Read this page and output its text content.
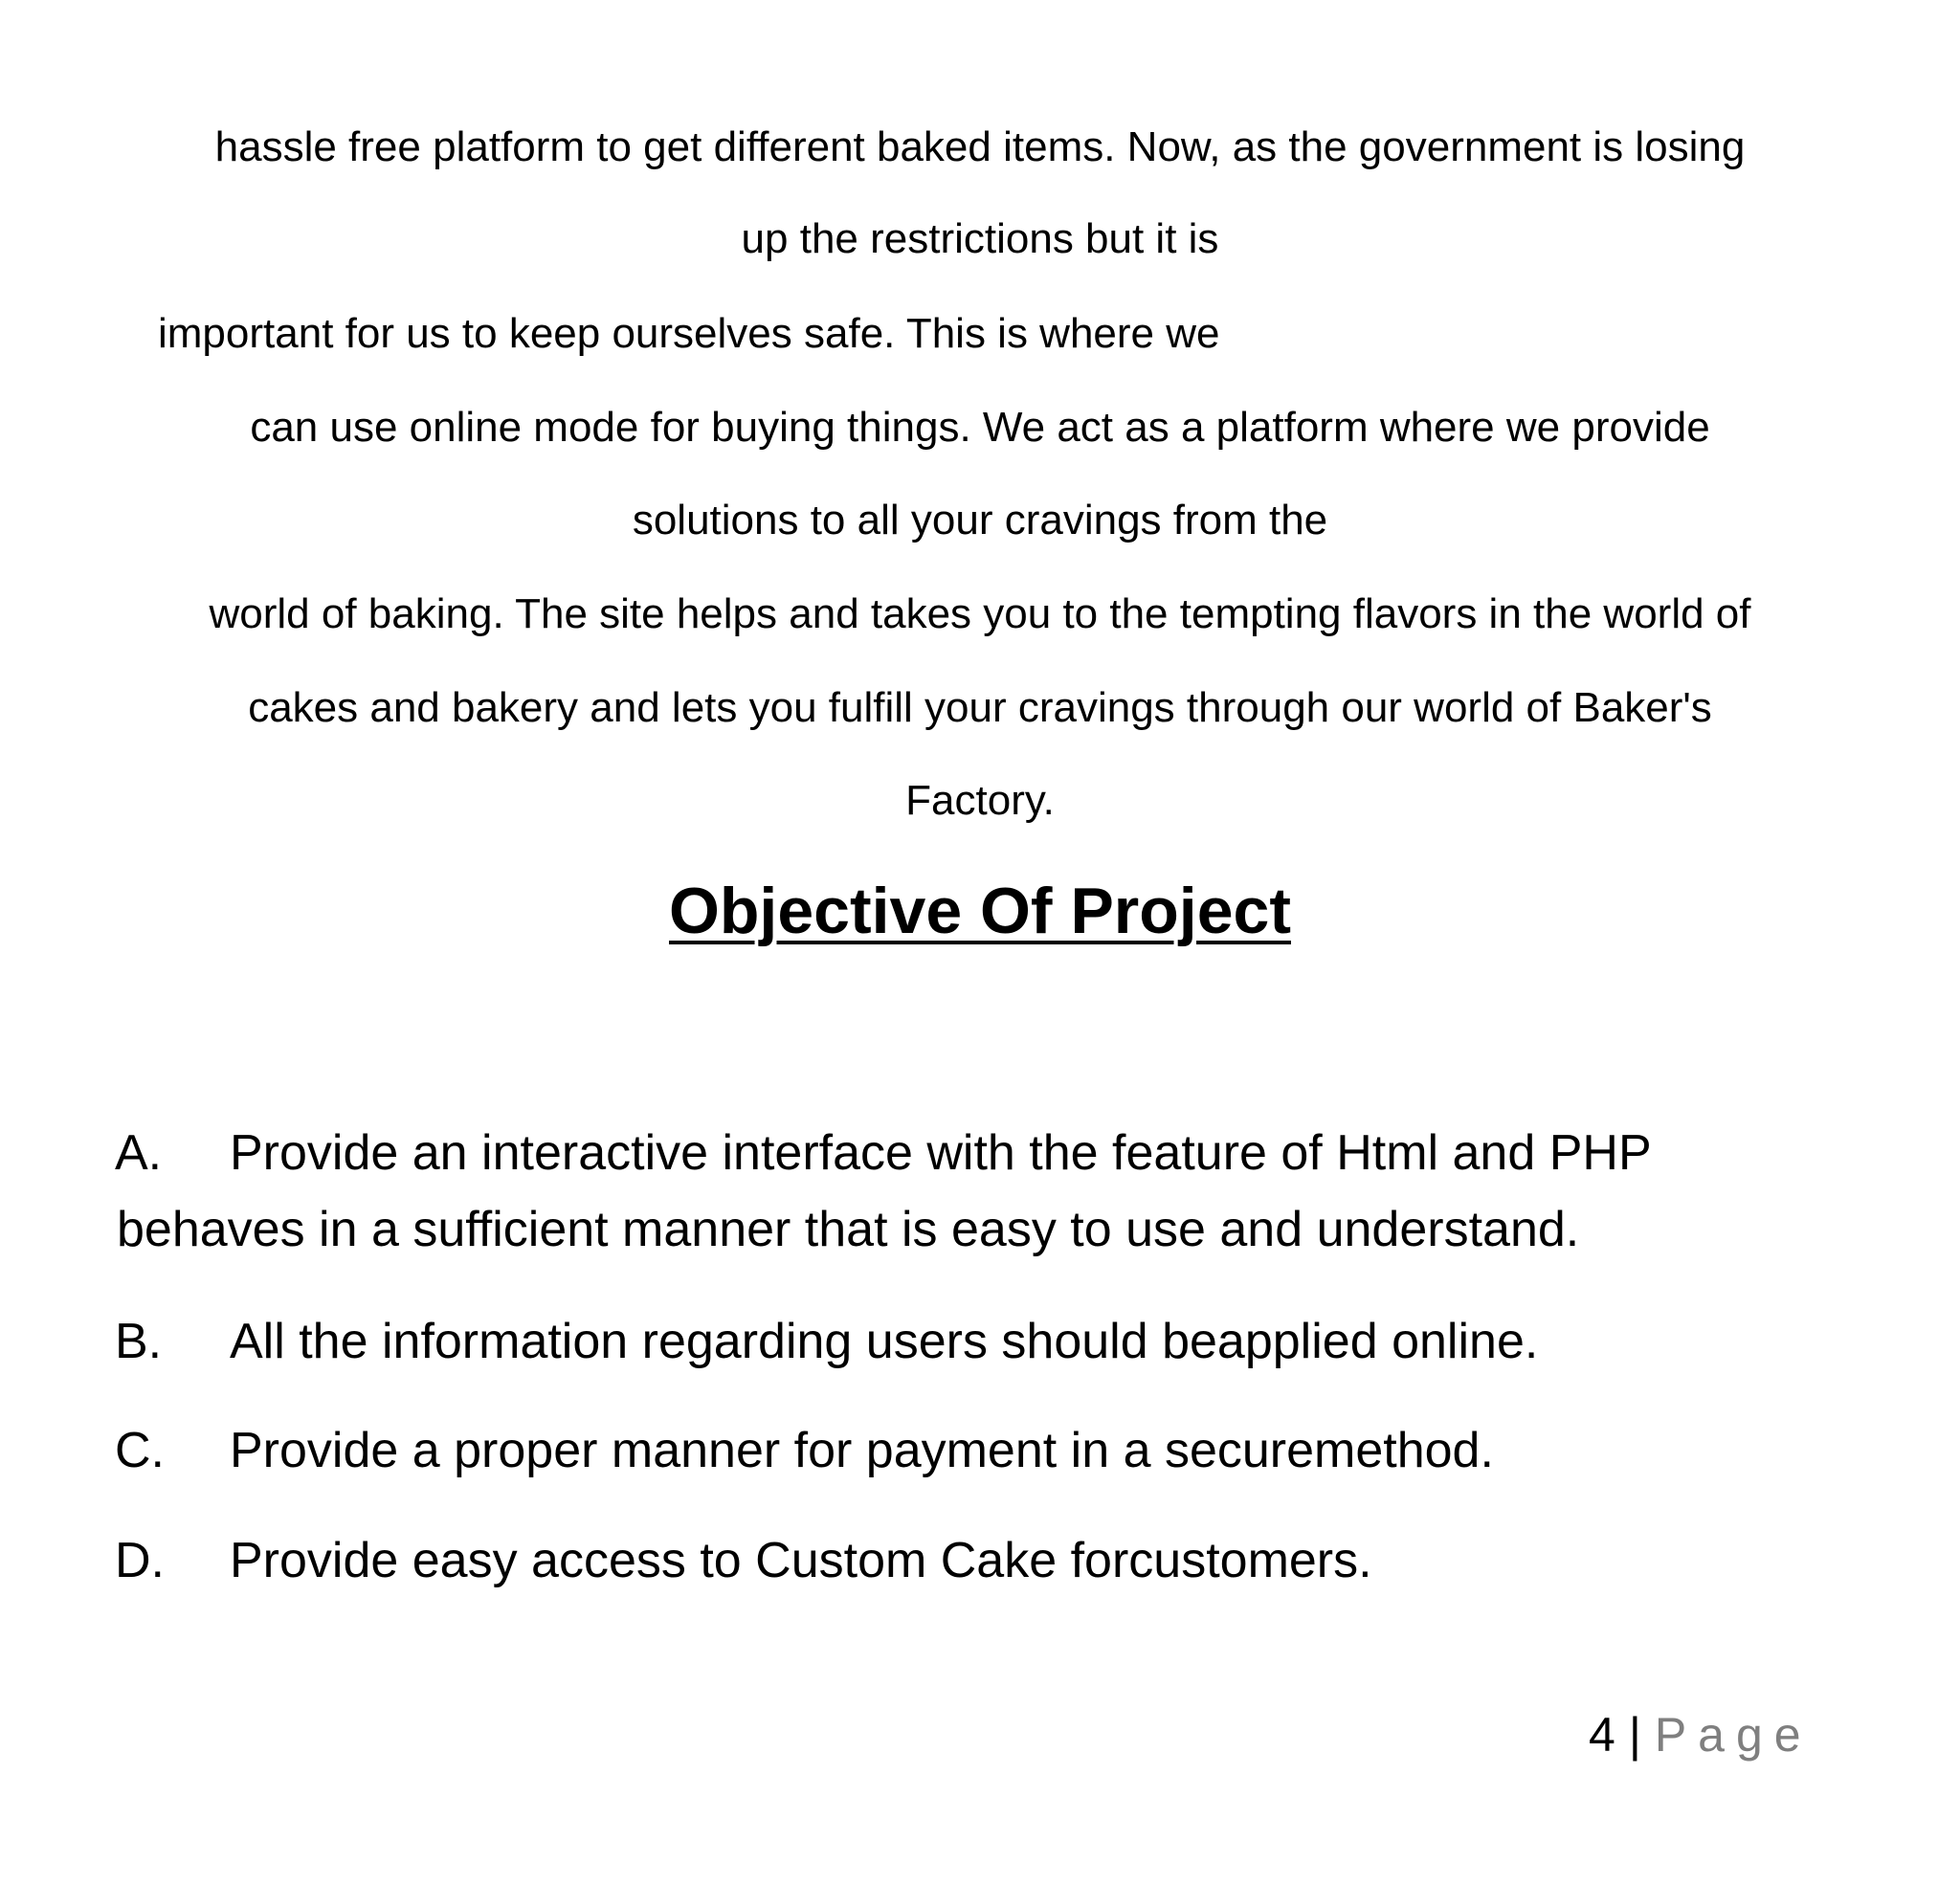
hassle free platform to get different baked items. Now, as the government is losing
up the restrictions but it is
important for us to keep ourselves safe. This is where we
can use online mode for buying things. We act as a platform where we provide
solutions to all your cravings from the
world of baking. The site helps and takes you to the tempting flavors in the world of
cakes and bakery and lets you fulfill your cravings through our world of Baker's
Factory.
Objective Of Project
A. Provide an interactive interface with the feature of Html and PHP
behaves in a sufficient manner that is easy to use and understand.
B. All the information regarding users should beapplied online.
C. Provide a proper manner for payment in a securemethod.
D. Provide easy access to Custom Cake forcustomers.
4 | Page
